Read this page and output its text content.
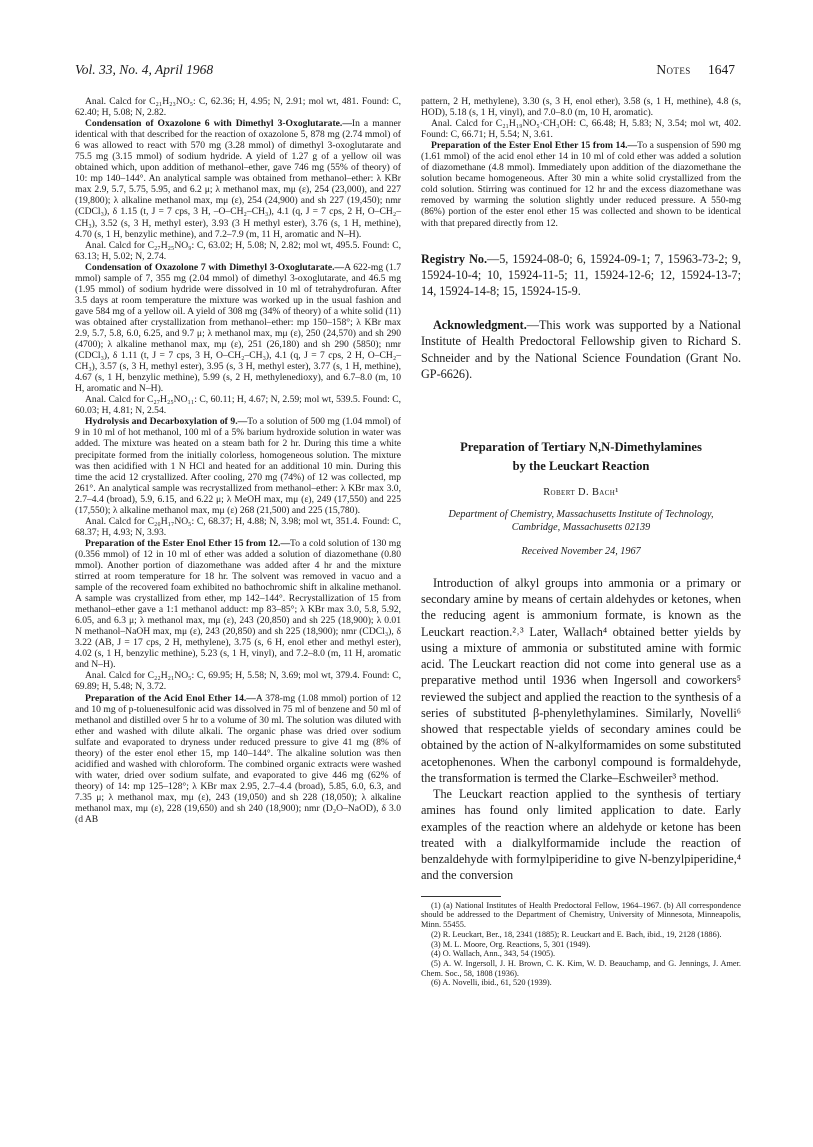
Vol. 33, No. 4, April 1968	Notes 1647

Anal. Calcd for C₂₁H₂₃NO₅: C, 62.36; H, 4.95; N, 2.91; mol wt, 481. Found: C, 62.40; H, 5.08; N, 2.82.

Condensation of Oxazolone 6 with Dimethyl 3-Oxoglutarate.—In a manner identical with that described for the reaction of oxazolone 5, 878 mg (2.74 mmol) of 6 was allowed to react with 570 mg (3.28 mmol) of dimethyl 3-oxoglutarate and 75.5 mg (3.15 mmol) of sodium hydride. A yield of 1.27 g of a yellow oil was obtained which, upon addition of methanol–ether, gave 746 mg (55% of theory) of 10: mp 140–144°. An analytical sample was obtained from methanol–ether: λ KBr max 2.9, 5.7, 5.75, 5.95, and 6.2 μ; λ methanol max, mμ (ε), 254 (23,000), and 227 (19,800); λ alkaline methanol max, mμ (ε), 254 (24,900) and sh 227 (19,450); nmr (CDCl₃), δ 1.15 (t, J = 7 cps, 3 H, –O–CH₂–CH₃), 4.1 (q, J = 7 cps, 2 H, O–CH₂–CH₃), 3.52 (s, 3 H, methyl ester), 3.93 (3 H methyl ester), 3.76 (s, 1 H, methine), 4.70 (s, 1 H, benzylic methine), and 7.2–7.9 (m, 11 H, aromatic and N–H).

Anal. Calcd for C₂₇H₂₅NO₉: C, 63.02; H, 5.08; N, 2.82; mol wt, 495.5. Found: C, 63.13; H, 5.02; N, 2.74.

Condensation of Oxazolone 7 with Dimethyl 3-Oxoglutarate.—A 622-mg (1.7 mmol) sample of 7, 355 mg (2.04 mmol) of dimethyl 3-oxoglutarate, and 46.5 mg (1.95 mmol) of sodium hydride were dissolved in 10 ml of tetrahydrofuran. After 3.5 days at room temperature the mixture was worked up in the usual fashion and gave 584 mg of a yellow oil. A yield of 308 mg (34% of theory) of a white solid (11) was obtained after crystallization from methanol–ether: mp 150–158°; λ KBr max 2.9, 5.7, 5.8, 6.0, 6.25, and 9.7 μ; λ methanol max, mμ (ε), 250 (24,570) and sh 290 (4700); λ alkaline methanol max, mμ (ε), 251 (26,180) and sh 290 (5850); nmr (CDCl₃), δ 1.11 (t, J = 7 cps, 3 H, O–CH₂–CH₃), 4.1 (q, J = 7 cps, 2 H, O–CH₂–CH₃), 3.57 (s, 3 H, methyl ester), 3.95 (s, 3 H, methyl ester), 3.77 (s, 1 H, methine), 4.67 (s, 1 H, benzylic methine), 5.99 (s, 2 H, methylenedioxy), and 6.7–8.0 (m, 10 H, aromatic and N–H).

Anal. Calcd for C₂₇H₂₅NO₁₁: C, 60.11; H, 4.67; N, 2.59; mol wt, 539.5. Found: C, 60.03; H, 4.81; N, 2.54.

Hydrolysis and Decarboxylation of 9.—To a solution of 500 mg (1.04 mmol) of 9 in 10 ml of hot methanol, 100 ml of a 5% barium hydroxide solution in water was added. The mixture was heated on a steam bath for 2 hr. During this time a white precipitate formed from the initially colorless, homogeneous solution. The mixture was then acidified with 1 N HCl and heated for an additional 10 min. During this time the acid 12 crystallized. After cooling, 270 mg (74%) of 12 was collected, mp 261°. An analytical sample was recrystallized from methanol–ether: λ KBr max 3.0, 2.7–4.4 (broad), 5.9, 6.15, and 6.22 μ; λ MeOH max, mμ (ε), 249 (17,550) and 225 (17,550); λ alkaline methanol max, mμ (ε) 268 (21,500) and 225 (15,780).

Anal. Calcd for C₂₀H₁₇NO₅: C, 68.37; H, 4.88; N, 3.98; mol wt, 351.4. Found: C, 68.37; H, 4.93; N, 3.93.

Preparation of the Ester Enol Ether 15 from 12.—To a cold solution of 130 mg (0.356 mmol) of 12 in 10 ml of ether was added a solution of diazomethane (0.80 mmol). Another portion of diazomethane was added after 4 hr and the mixture stirred at room temperature for 18 hr. The solvent was removed in vacuo and a sample of the recovered foam exhibited no bathochromic shift in alkaline methanol. A sample was crystallized from ether, mp 142–144°. Recrystallization of 15 from methanol–ether gave a 1:1 methanol adduct: mp 83–85°; λ KBr max 3.0, 5.8, 5.92, 6.05, and 6.3 μ; λ methanol max, mμ (ε), 243 (20,850) and sh 225 (18,900); λ 0.01 N methanol–NaOH max, mμ (ε), 243 (20,850) and sh 225 (18,900); nmr (CDCl₃), δ 3.22 (AB, J = 17 cps, 2 H, methylene), 3.75 (s, 6 H, enol ether and methyl ester), 4.02 (s, 1 H, benzylic methine), 5.23 (s, 1 H, vinyl), and 7.2–8.0 (m, 11 H, aromatic and N–H).

Anal. Calcd for C₂₂H₂₁NO₅: C, 69.95; H, 5.58; N, 3.69; mol wt, 379.4. Found: C, 69.89; H, 5.48; N, 3.72.

Preparation of the Acid Enol Ether 14.—A 378-mg (1.08 mmol) portion of 12 and 10 mg of p-toluenesulfonic acid was dissolved in 75 ml of benzene and 50 ml of methanol and distilled over 5 hr to a volume of 30 ml. The solution was diluted with ether and washed with dilute alkali. The organic phase was dried over sodium sulfate and evaporated to dryness under reduced pressure to give 41 mg (8% of theory) of the ester enol ether 15, mp 140–144°. The alkaline solution was then acidified and washed with chloroform. The combined organic extracts were washed with water, dried over sodium sulfate, and evaporated to give 446 mg (62% of theory) of 14: mp 125–128°; λ KBr max 2.95, 2.7–4.4 (broad), 5.85, 6.0, 6.3, and 7.35 μ; λ methanol max, mμ (ε), 243 (19,050) and sh 228 (18,050); λ alkaline methanol max, mμ (ε), 228 (19,650) and sh 240 (18,900); nmr (D₂O–NaOD), δ 3.0 (d AB

pattern, 2 H, methylene), 3.30 (s, 3 H, enol ether), 3.58 (s, 1 H, methine), 4.8 (s, HOD), 5.18 (s, 1 H, vinyl), and 7.0–8.0 (m, 10 H, aromatic).

Anal. Calcd for C₂₁H₁₉NO₅·CH₃OH: C, 66.48; H, 5.83; N, 3.54; mol wt, 402. Found: C, 66.71; H, 5.54; N, 3.61.

Preparation of the Ester Enol Ether 15 from 14.—To a suspension of 590 mg (1.61 mmol) of the acid enol ether 14 in 10 ml of cold ether was added a solution of diazomethane (4.8 mmol). Immediately upon addition of the diazomethane the solution became homogeneous. After 30 min a white solid crystallized from the cold solution. Stirring was continued for 12 hr and the excess diazomethane was removed by warming the solution slightly under reduced pressure. A 550-mg (86%) portion of the ester enol ether 15 was collected and shown to be identical with that prepared directly from 12.

Registry No.—5, 15924-08-0; 6, 15924-09-1; 7, 15963-73-2; 9, 15924-10-4; 10, 15924-11-5; 11, 15924-12-6; 12, 15924-13-7; 14, 15924-14-8; 15, 15924-15-9.
Acknowledgment.—This work was supported by a National Institute of Health Predoctoral Fellowship given to Richard S. Schneider and by the National Science Foundation (Grant No. GP-6626).
Preparation of Tertiary N,N-Dimethylamines
by the Leuckart Reaction
Robert D. Bach¹
Department of Chemistry, Massachusetts Institute of Technology,
Cambridge, Massachusetts 02139
Received November 24, 1967

Introduction of alkyl groups into ammonia or a primary or secondary amine by means of certain aldehydes or ketones, when the reducing agent is ammonium formate, is known as the Leuckart reaction.²˒³ Later, Wallach⁴ obtained better yields by using a mixture of ammonia or substituted amine with formic acid. The Leuckart reaction did not come into general use as a preparative method until 1936 when Ingersoll and coworkers⁵ reviewed the subject and applied the reaction to the synthesis of a series of substituted β-phenylethylamines. Similarly, Novelli⁶ showed that respectable yields of secondary amines could be obtained by the action of N-alkylformamides on some substituted acetophenones. When the carbonyl compound is formaldehyde, the transformation is termed the Clarke–Eschweiler³ method.

The Leuckart reaction applied to the synthesis of tertiary amines has found only limited application to date. Early examples of the reaction where an aldehyde or ketone has been treated with a dialkylformamide include the reaction of benzaldehyde with formylpiperidine to give N-benzylpiperidine,⁴ and the conversion

(1) (a) National Institutes of Health Predoctoral Fellow, 1964–1967. (b) All correspondence should be addressed to the Department of Chemistry, University of Minnesota, Minneapolis, Minn. 55455.

(2) R. Leuckart, Ber., 18, 2341 (1885); R. Leuckart and E. Bach, ibid., 19, 2128 (1886).

(3) M. L. Moore, Org. Reactions, 5, 301 (1949).

(4) O. Wallach, Ann., 343, 54 (1905).

(5) A. W. Ingersoll, J. H. Brown, C. K. Kim, W. D. Beauchamp, and G. Jennings, J. Amer. Chem. Soc., 58, 1808 (1936).

(6) A. Novelli, ibid., 61, 520 (1939).
